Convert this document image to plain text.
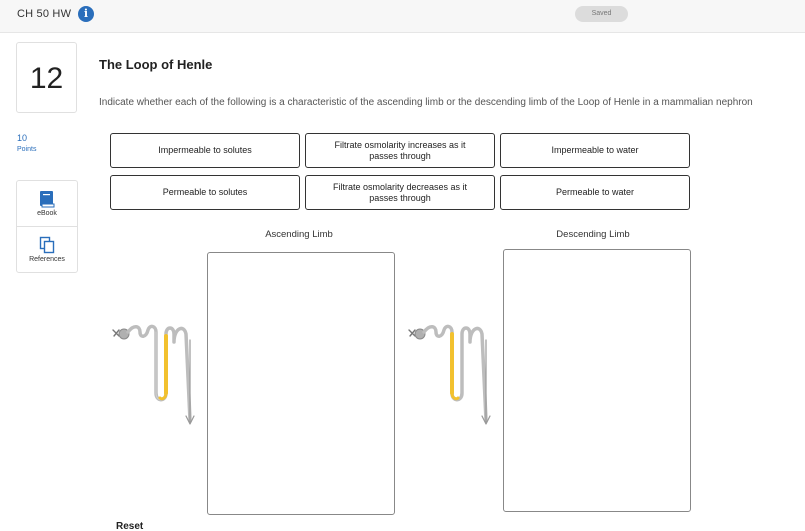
CH 50 HW	i	Saved
12
10
Points
eBook
References
The Loop of Henle
Indicate whether each of the following is a characteristic of the ascending limb or the descending limb of the Loop of Henle in a mammalian nephron
Impermeable to solutes
Filtrate osmolarity increases as it passes through
Impermeable to water
Permeable to solutes
Filtrate osmolarity decreases as it passes through
Permeable to water
Ascending Limb	Descending Limb
Reset
